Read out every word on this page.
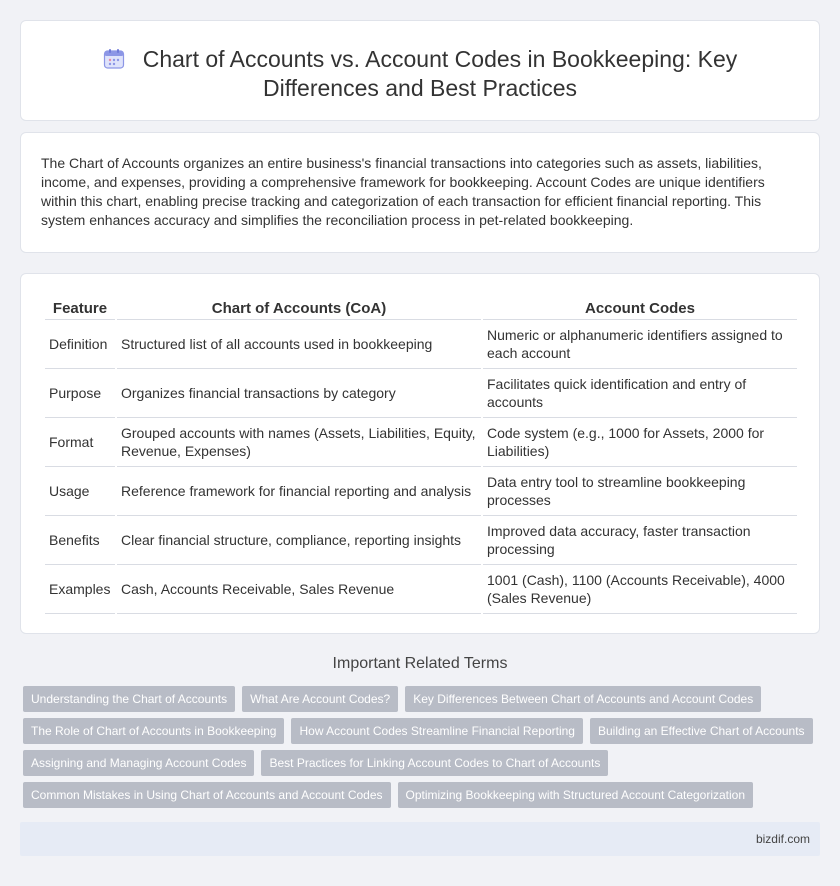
Chart of Accounts vs. Account Codes in Bookkeeping: Key Differences and Best Practices

The Chart of Accounts organizes an entire business's financial transactions into categories such as assets, liabilities, income, and expenses, providing a comprehensive framework for bookkeeping. Account Codes are unique identifiers within this chart, enabling precise tracking and categorization of each transaction for efficient financial reporting. This system enhances accuracy and simplifies the reconciliation process in pet-related bookkeeping.

Feature	Chart of Accounts (CoA)	Account Codes
Definition	Structured list of all accounts used in bookkeeping	Numeric or alphanumeric identifiers assigned to each account
Purpose	Organizes financial transactions by category	Facilitates quick identification and entry of accounts
Format	Grouped accounts with names (Assets, Liabilities, Equity, Revenue, Expenses)	Code system (e.g., 1000 for Assets, 2000 for Liabilities)
Usage	Reference framework for financial reporting and analysis	Data entry tool to streamline bookkeeping processes
Benefits	Clear financial structure, compliance, reporting insights	Improved data accuracy, faster transaction processing
Examples	Cash, Accounts Receivable, Sales Revenue	1001 (Cash), 1100 (Accounts Receivable), 4000 (Sales Revenue)
Important Related Terms
Understanding the Chart of Accounts What Are Account Codes? Key Differences Between Chart of Accounts and Account Codes
The Role of Chart of Accounts in Bookkeeping How Account Codes Streamline Financial Reporting Building an Effective Chart of Accounts
Assigning and Managing Account Codes Best Practices for Linking Account Codes to Chart of Accounts
Common Mistakes in Using Chart of Accounts and Account Codes Optimizing Bookkeeping with Structured Account Categorization
bizdif.com
